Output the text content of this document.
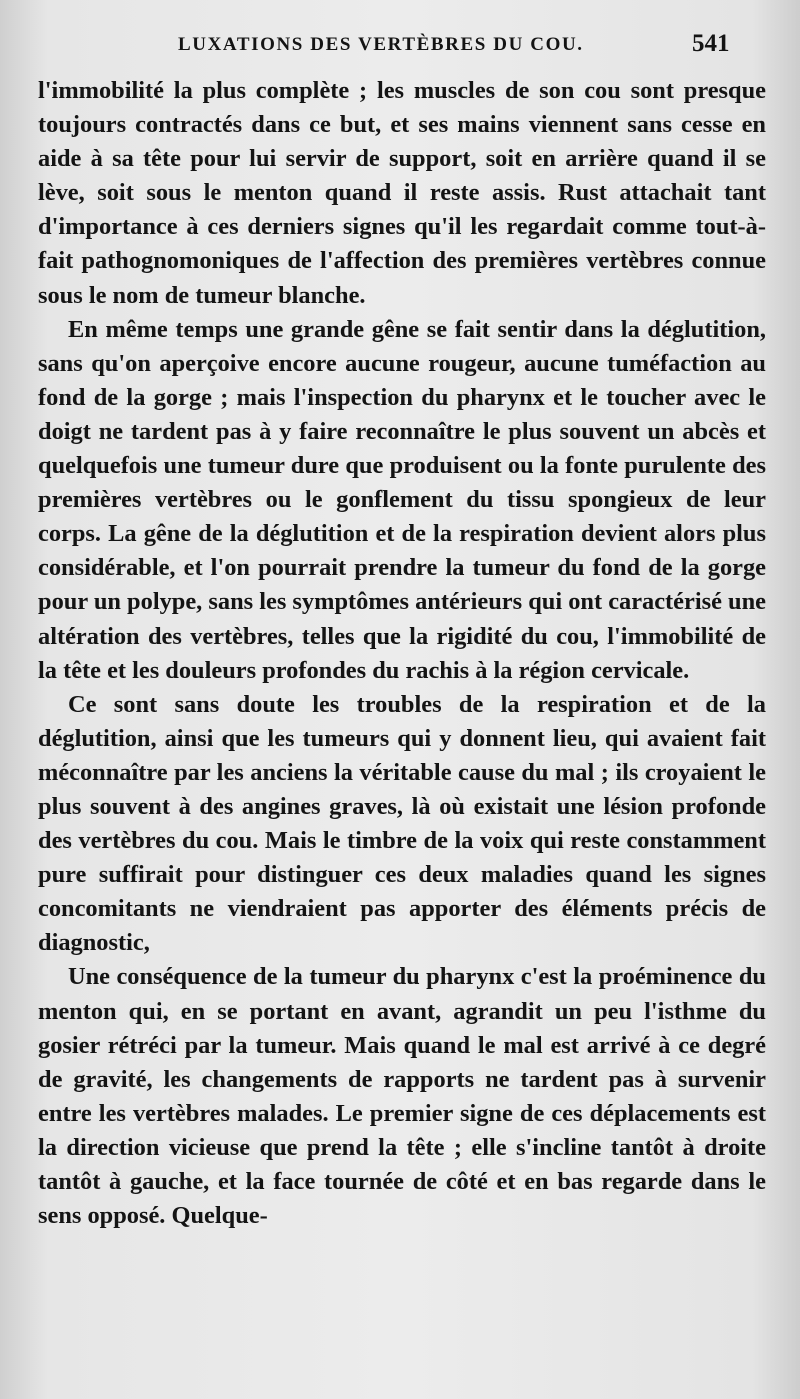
LUXATIONS DES VERTÈBRES DU COU.	541

l'immobilité la plus complète ; les muscles de son cou sont presque toujours contractés dans ce but, et ses mains viennent sans cesse en aide à sa tête pour lui servir de support, soit en arrière quand il se lève, soit sous le menton quand il reste assis. Rust attachait tant d'importance à ces derniers signes qu'il les regardait comme tout-à-fait pathognomoniques de l'affection des premières vertèbres connue sous le nom de tumeur blanche.

En même temps une grande gêne se fait sentir dans la déglutition, sans qu'on aperçoive encore aucune rougeur, aucune tuméfaction au fond de la gorge ; mais l'inspection du pharynx et le toucher avec le doigt ne tardent pas à y faire reconnaître le plus souvent un abcès et quelquefois une tumeur dure que produisent ou la fonte purulente des premières vertèbres ou le gonflement du tissu spongieux de leur corps. La gêne de la déglutition et de la respiration devient alors plus considérable, et l'on pourrait prendre la tumeur du fond de la gorge pour un polype, sans les symptômes antérieurs qui ont caractérisé une altération des vertèbres, telles que la rigidité du cou, l'immobilité de la tête et les douleurs profondes du rachis à la région cervicale.

Ce sont sans doute les troubles de la respiration et de la déglutition, ainsi que les tumeurs qui y donnent lieu, qui avaient fait méconnaître par les anciens la véritable cause du mal ; ils croyaient le plus souvent à des angines graves, là où existait une lésion profonde des vertèbres du cou. Mais le timbre de la voix qui reste constamment pure suffirait pour distinguer ces deux maladies quand les signes concomitants ne viendraient pas apporter des éléments précis de diagnostic,

Une conséquence de la tumeur du pharynx c'est la proéminence du menton qui, en se portant en avant, agrandit un peu l'isthme du gosier rétréci par la tumeur. Mais quand le mal est arrivé à ce degré de gravité, les changements de rapports ne tardent pas à survenir entre les vertèbres malades. Le premier signe de ces déplacements est la direction vicieuse que prend la tête ; elle s'incline tantôt à droite tantôt à gauche, et la face tournée de côté et en bas regarde dans le sens opposé. Quelque-
